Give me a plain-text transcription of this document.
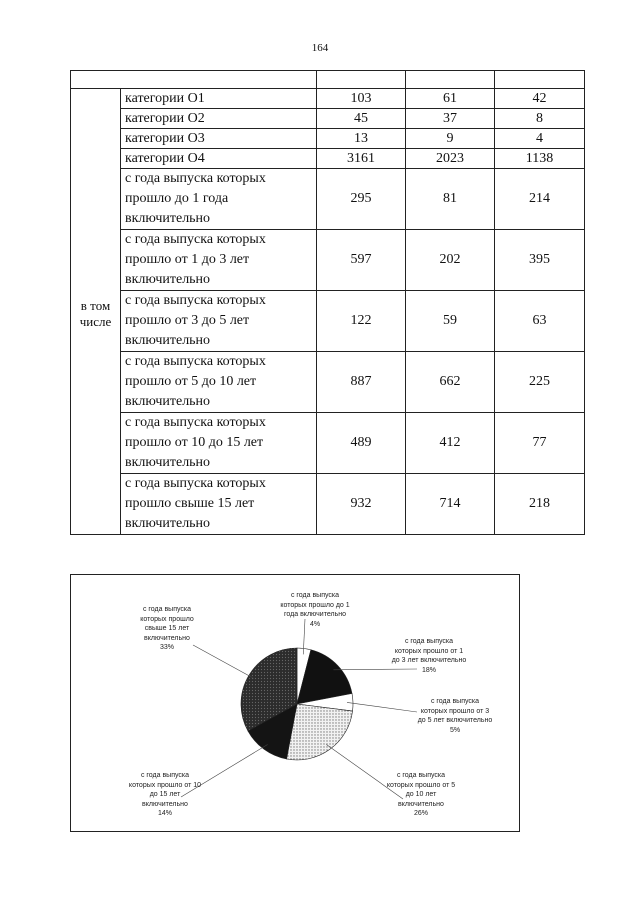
164

в том
числе	категории О1	103	61	42

	категории О2	45	37	8

	категории О3	13	9	4

	категории О4	3161	2023	1138

	с года выпуска которых
прошло до 1 года
включительно	295	81	214

	с года выпуска которых
прошло от 1 до 3 лет
включительно	597	202	395

	с года выпуска которых
прошло от 3 до 5 лет
включительно	122	59	63

	с года выпуска которых
прошло от 5 до 10 лет
включительно	887	662	225

	с года выпуска которых
прошло от 10 до 15 лет
включительно	489	412	77

	с года выпуска которых
прошло свыше 15 лет
включительно	932	714	218
с года выпуска
которых прошло до 1
года включительно
4%
с года выпуска
которых прошло от 1
до 3 лет включительно
18%
с года выпуска
которых прошло от 3
до 5 лет включительно
5%
с года выпуска
которых прошло от 5
до 10 лет
включительно
26%
с года выпуска
которых прошло от 10
до 15 лет
включительно
14%
с года выпуска
которых прошло
свыше 15 лет
включительно
33%
